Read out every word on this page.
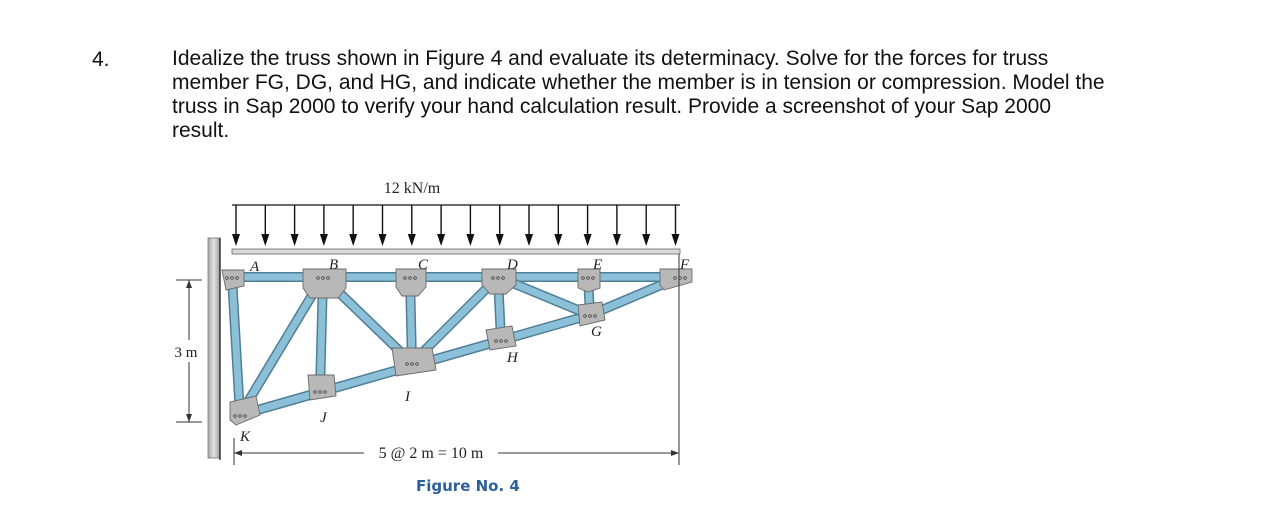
4.	Idealize the truss shown in Figure 4 and evaluate its determinacy. Solve for the forces for truss
member FG, DG, and HG, and indicate whether the member is in tension or compression. Model the
truss in Sap 2000 to verify your hand calculation result. Provide a screenshot of your Sap 2000
result.
12 kN/m
A	B	C	D	E	F
G
H
I
J
K
3 m
5 @ 2 m = 10 m
Figure No. 4
